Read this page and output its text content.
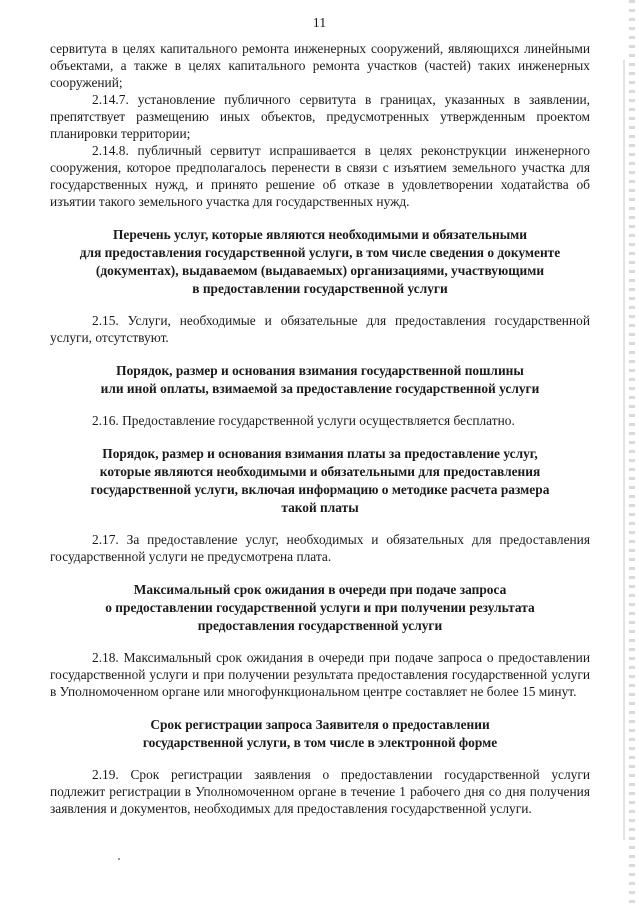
11

сервитута в целях капитального ремонта инженерных сооружений, являющихся линейными объектами, а также в целях капитального ремонта участков (частей) таких инженерных сооружений;

2.14.7. установление публичного сервитута в границах, указанных в заявлении, препятствует размещению иных объектов, предусмотренных утвержденным проектом планировки территории;

2.14.8. публичный сервитут испрашивается в целях реконструкции инженерного сооружения, которое предполагалось перенести в связи с изъятием земельного участка для государственных нужд, и принято решение об отказе в удовлетворении ходатайства об изъятии такого земельного участка для государственных нужд.

Перечень услуг, которые являются необходимыми и обязательными
для предоставления государственной услуги, в том числе сведения о документе
(документах), выдаваемом (выдаваемых) организациями, участвующими
в предоставлении государственной услуги

2.15. Услуги, необходимые и обязательные для предоставления государственной услуги, отсутствуют.

Порядок, размер и основания взимания государственной пошлины
или иной оплаты, взимаемой за предоставление государственной услуги

2.16. Предоставление государственной услуги осуществляется бесплатно.

Порядок, размер и основания взимания платы за предоставление услуг,
которые являются необходимыми и обязательными для предоставления
государственной услуги, включая информацию о методике расчета размера
такой платы

2.17. За предоставление услуг, необходимых и обязательных для предоставления государственной услуги не предусмотрена плата.

Максимальный срок ожидания в очереди при подаче запроса
о предоставлении государственной услуги и при получении результата
предоставления государственной услуги

2.18. Максимальный срок ожидания в очереди при подаче запроса о предоставлении государственной услуги и при получении результата предоставления государственной услуги в Уполномоченном органе или многофункциональном центре составляет не более 15 минут.

Срок регистрации запроса Заявителя о предоставлении
государственной услуги, в том числе в электронной форме

2.19. Срок регистрации заявления о предоставлении государственной услуги подлежит регистрации в Уполномоченном органе в течение 1 рабочего дня со дня получения заявления и документов, необходимых для предоставления государственной услуги.
